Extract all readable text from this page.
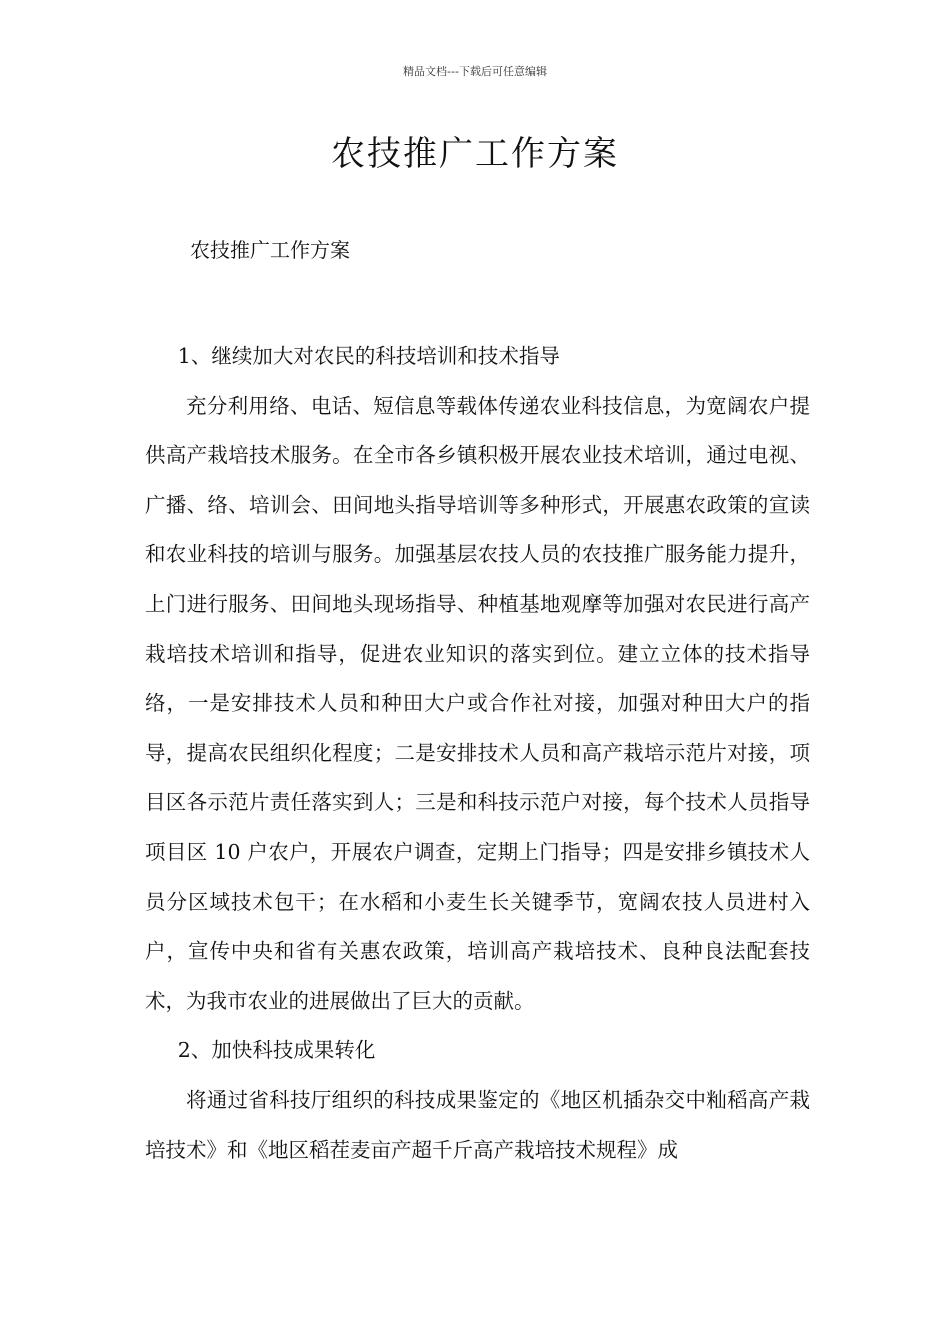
精品文档---下载后可任意编辑
农技推广工作方案

农技推广工作方案

1、继续加大对农民的科技培训和技术指导

充分利用络、电话、短信息等载体传递农业科技信息，为宽阔农户提供高产栽培技术服务。在全市各乡镇积极开展农业技术培训，通过电视、广播、络、培训会、田间地头指导培训等多种形式，开展惠农政策的宣读和农业科技的培训与服务。加强基层农技人员的农技推广服务能力提升，上门进行服务、田间地头现场指导、种植基地观摩等加强对农民进行高产栽培技术培训和指导，促进农业知识的落实到位。建立立体的技术指导络，一是安排技术人员和种田大户或合作社对接，加强对种田大户的指导，提高农民组织化程度；二是安排技术人员和高产栽培示范片对接，项目区各示范片责任落实到人；三是和科技示范户对接，每个技术人员指导项目区 10 户农户，开展农户调查，定期上门指导；四是安排乡镇技术人员分区域技术包干；在水稻和小麦生长关键季节，宽阔农技人员进村入户，宣传中央和省有关惠农政策，培训高产栽培技术、良种良法配套技术，为我市农业的进展做出了巨大的贡献。

2、加快科技成果转化

将通过省科技厅组织的科技成果鉴定的《地区机插杂交中籼稻高产栽培技术》和《地区稻茬麦亩产超千斤高产栽培技术规程》成
